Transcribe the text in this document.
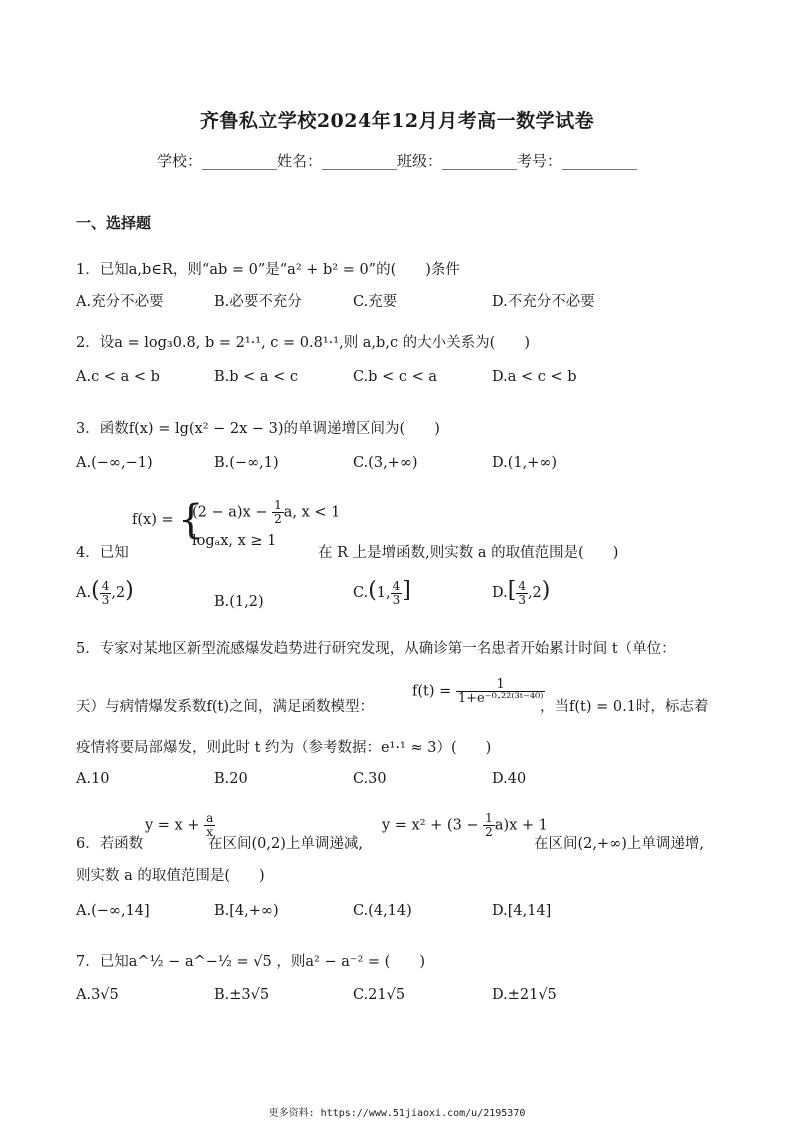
齐鲁私立学校2024年12月月考高一数学试卷
学校：__________姓名：__________班级：__________考号：__________
一、选择题
1．已知a,b∈R，则“ab = 0”是“a² + b² = 0”的(　　)条件
A.充分不必要	B.必要不充分	C.充要	D.不充分不必要
2．设a = log₃0.8, b = 2¹·¹, c = 0.8¹·¹,则 a,b,c 的大小关系为(　　)
A.c < a < b	B.b < a < c	C.b < c < a	D.a < c < b
3．函数f(x) = lg(x² − 2x − 3)的单调递增区间为(　　)
A.(−∞,−1)	B.(−∞,1)	C.(3,+∞)	D.(1,+∞)
4．已知
f(x) = {
$(2 - a)x - \frac{1}{2} a$, x < 1
logₐx, x ≥ 1
在 R 上是增函数,则实数 a 的取值范围是(　　)
$A.( \frac{4}{3} ,2)$	B.(1,2)
C.(1, $\frac{4}{3}$ ]	$D.[ \frac{4}{3} ,2)$
5．专家对某地区新型流感爆发趋势进行研究发现，从确诊第一名患者开始累计时间 t（单位：
天）与病情爆发系数f(t)之间，满足函数模型：
$f(t) = \frac{1}{\text{1+e⁻⁰·²²⁽³ᵗ⁻⁴⁰⁾}}$
，当f(t) = 0.1时，标志着
疫情将要局部爆发，则此时 t 约为（参考数据：e¹·¹ ≈ 3）(　　)
A.10	B.20	C.30	D.40
6．若函数
$y = x + \frac{a}{x}$
在区间(0,2)上单调递减,
$y = x^2 + (3 - \frac{1}{2} a)x + 1$
在区间(2,+∞)上单调递增,
则实数 a 的取值范围是(　　)
A.(−∞,14]	B.[4,+∞)	C.(4,14)	D.[4,14]
7．已知a^½ − a^−½ = √5 ，则a² − a⁻² = (　　)
A.3√5	B.±3√5	C.21√5	D.±21√5
更多资料: https://www.51jiaoxi.com/u/2195370
